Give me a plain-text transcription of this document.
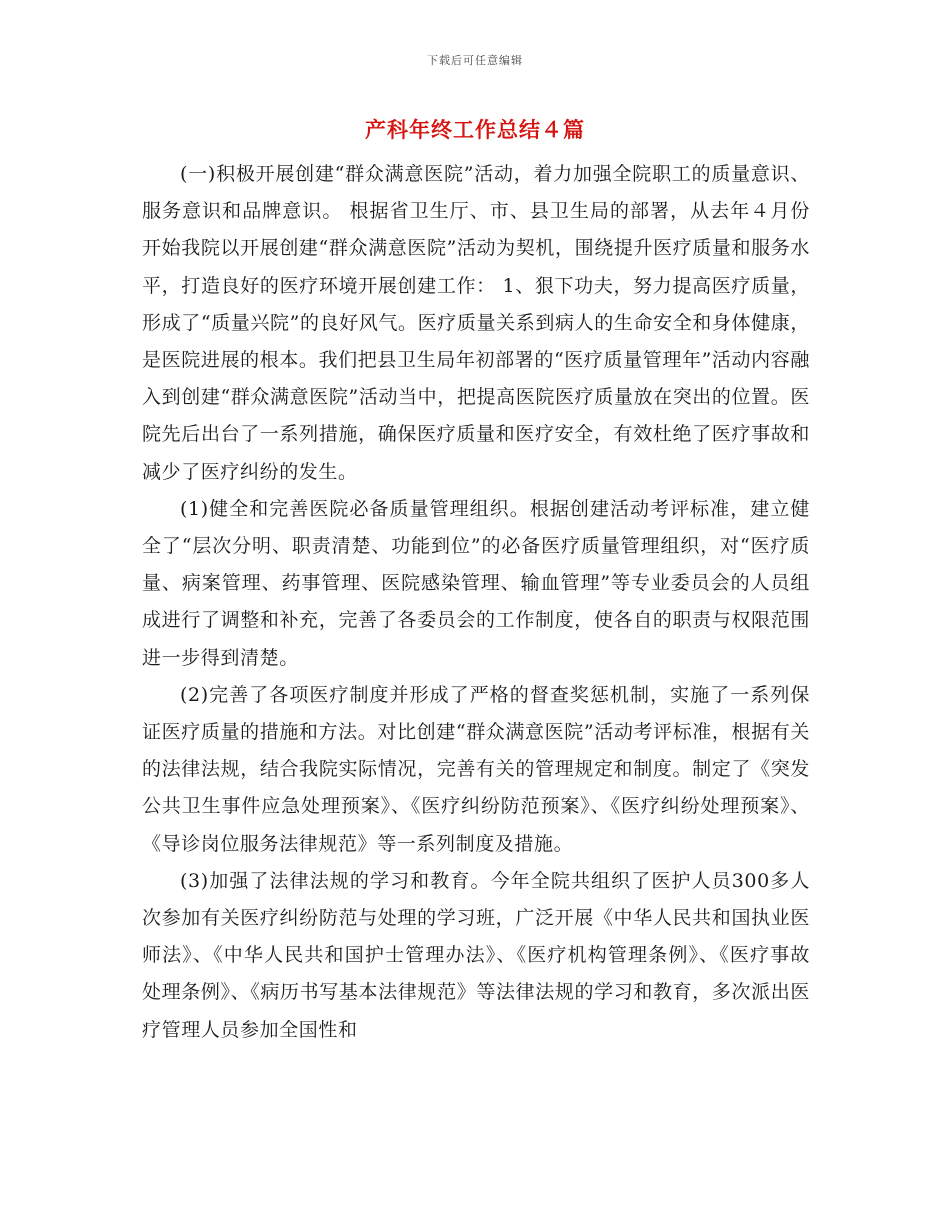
下载后可任意编辑
产科年终工作总结４篇

(一)积极开展创建“群众满意医院”活动，着力加强全院职工的质量意识、服务意识和品牌意识。 根据省卫生厅、市、县卫生局的部署，从去年４月份开始我院以开展创建“群众满意医院”活动为契机，围绕提升医疗质量和服务水平，打造良好的医疗环境开展创建工作： 1、狠下功夫，努力提高医疗质量，形成了“质量兴院”的良好风气。医疗质量关系到病人的生命安全和身体健康，是医院进展的根本。我们把县卫生局年初部署的“医疗质量管理年”活动内容融入到创建“群众满意医院”活动当中，把提高医院医疗质量放在突出的位置。医院先后出台了一系列措施，确保医疗质量和医疗安全，有效杜绝了医疗事故和减少了医疗纠纷的发生。

(1)健全和完善医院必备质量管理组织。根据创建活动考评标准，建立健全了“层次分明、职责清楚、功能到位”的必备医疗质量管理组织，对“医疗质量、病案管理、药事管理、医院感染管理、输血管理”等专业委员会的人员组成进行了调整和补充，完善了各委员会的工作制度，使各自的职责与权限范围进一步得到清楚。

(2)完善了各项医疗制度并形成了严格的督查奖惩机制，实施了一系列保证医疗质量的措施和方法。对比创建“群众满意医院”活动考评标准，根据有关的法律法规，结合我院实际情况，完善有关的管理规定和制度。制定了《突发公共卫生事件应急处理预案》、《医疗纠纷防范预案》、《医疗纠纷处理预案》、《导诊岗位服务法律规范》等一系列制度及措施。

(3)加强了法律法规的学习和教育。今年全院共组织了医护人员300多人次参加有关医疗纠纷防范与处理的学习班，广泛开展《中华人民共和国执业医师法》、《中华人民共和国护士管理办法》、《医疗机构管理条例》、《医疗事故处理条例》、《病历书写基本法律规范》等法律法规的学习和教育，多次派出医疗管理人员参加全国性和
